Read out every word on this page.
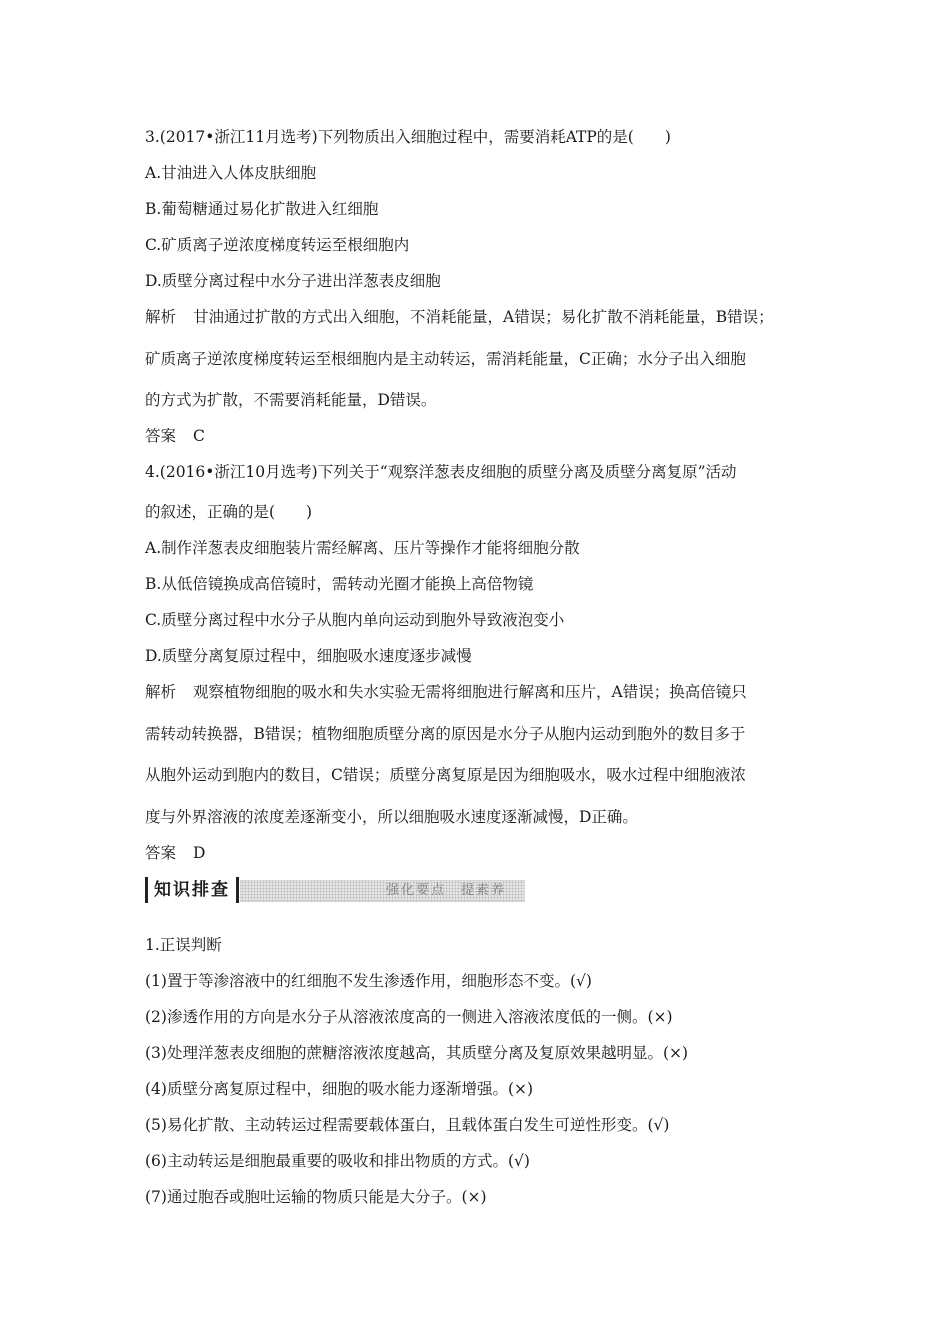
3.(2017•浙江11月选考)下列物质出入细胞过程中，需要消耗ATP的是(　　)
A.甘油进入人体皮肤细胞
B.葡萄糖通过易化扩散进入红细胞
C.矿质离子逆浓度梯度转运至根细胞内
D.质壁分离过程中水分子进出洋葱表皮细胞
解析 甘油通过扩散的方式出入细胞，不消耗能量，A错误；易化扩散不消耗能量，B错误；
矿质离子逆浓度梯度转运至根细胞内是主动转运，需消耗能量，C正确；水分子出入细胞
的方式为扩散，不需要消耗能量，D错误。
答案 C
4.(2016•浙江10月选考)下列关于“观察洋葱表皮细胞的质壁分离及质壁分离复原”活动
的叙述，正确的是(　　)
A.制作洋葱表皮细胞装片需经解离、压片等操作才能将细胞分散
B.从低倍镜换成高倍镜时，需转动光圈才能换上高倍物镜
C.质壁分离过程中水分子从胞内单向运动到胞外导致液泡变小
D.质壁分离复原过程中，细胞吸水速度逐步减慢
解析 观察植物细胞的吸水和失水实验无需将细胞进行解离和压片，A错误；换高倍镜只
需转动转换器，B错误；植物细胞质壁分离的原因是水分子从胞内运动到胞外的数目多于
从胞外运动到胞内的数目，C错误；质壁分离复原是因为细胞吸水，吸水过程中细胞液浓
度与外界溶液的浓度差逐渐变小，所以细胞吸水速度逐渐减慢，D正确。
答案 D
知识排查	强化要点　提素养
1.正误判断
(1)置于等渗溶液中的红细胞不发生渗透作用，细胞形态不变。(√)
(2)渗透作用的方向是水分子从溶液浓度高的一侧进入溶液浓度低的一侧。(×)
(3)处理洋葱表皮细胞的蔗糖溶液浓度越高，其质壁分离及复原效果越明显。(×)
(4)质壁分离复原过程中，细胞的吸水能力逐渐增强。(×)
(5)易化扩散、主动转运过程需要载体蛋白，且载体蛋白发生可逆性形变。(√)
(6)主动转运是细胞最重要的吸收和排出物质的方式。(√)
(7)通过胞吞或胞吐运输的物质只能是大分子。(×)
